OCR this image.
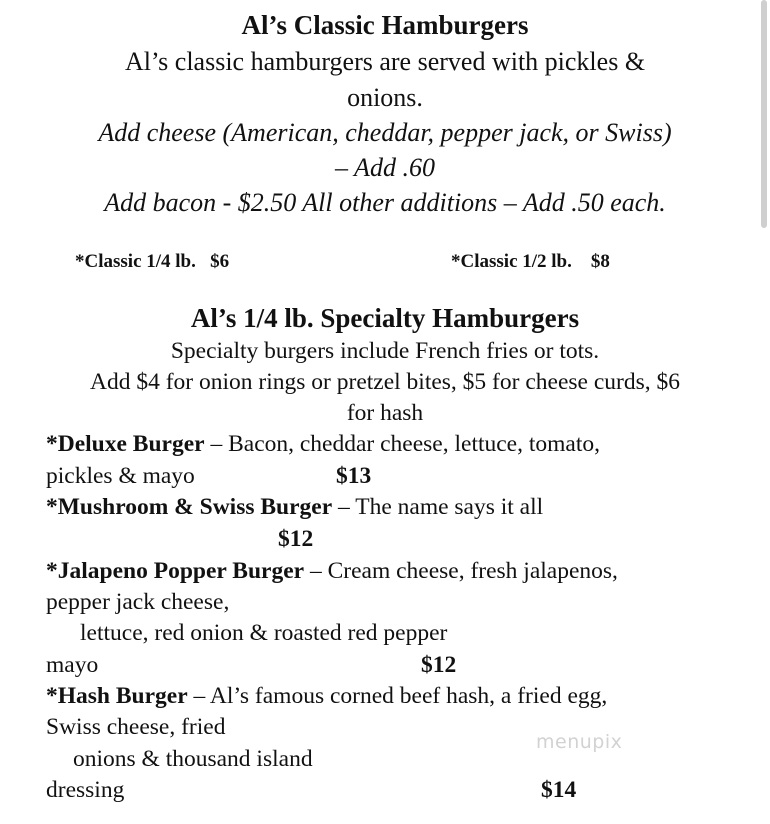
Al’s Classic Hamburgers
Al’s classic hamburgers are served with pickles &
onions.
Add cheese (American, cheddar, pepper jack, or Swiss)
– Add .60
Add bacon - $2.50 All other additions – Add .50 each.
*Classic 1/4 lb. $6	*Classic 1/2 lb. $8
Al’s 1/4 lb. Specialty Hamburgers
Specialty burgers include French fries or tots.
Add $4 for onion rings or pretzel bites, $5 for cheese curds, $6
for hash
*Deluxe Burger – Bacon, cheddar cheese, lettuce, tomato,
pickles & mayo	$13
*Mushroom & Swiss Burger – The name says it all
$12
*Jalapeno Popper Burger – Cream cheese, fresh jalapenos,
pepper jack cheese,
lettuce, red onion & roasted red pepper
mayo	$12
*Hash Burger – Al’s famous corned beef hash, a fried egg,
Swiss cheese, fried
onions & thousand island
dressing	$14
menupix
